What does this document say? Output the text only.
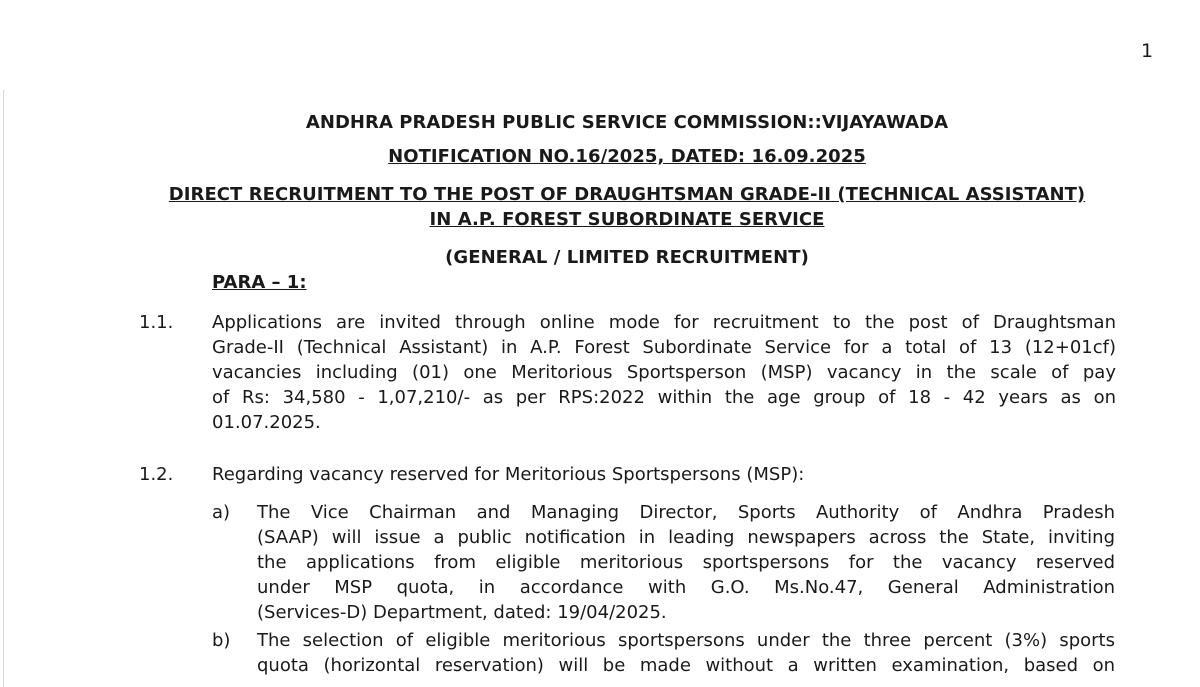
1
ANDHRA PRADESH PUBLIC SERVICE COMMISSION::VIJAYAWADA
NOTIFICATION NO.16/2025, DATED: 16.09.2025
DIRECT RECRUITMENT TO THE POST OF DRAUGHTSMAN GRADE-II (TECHNICAL ASSISTANT)
IN A.P. FOREST SUBORDINATE SERVICE
(GENERAL / LIMITED RECRUITMENT)
PARA – 1:
1.1. Applications are invited through online mode for recruitment to the post of Draughtsman
Grade-II (Technical Assistant) in A.P. Forest Subordinate Service for a total of 13 (12+01cf)
vacancies including (01) one Meritorious Sportsperson (MSP) vacancy in the scale of pay
of Rs: 34,580 - 1,07,210/- as per RPS:2022 within the age group of 18 - 42 years as on
01.07.2025.
1.2. Regarding vacancy reserved for Meritorious Sportspersons (MSP):
a) The Vice Chairman and Managing Director, Sports Authority of Andhra Pradesh
(SAAP) will issue a public notification in leading newspapers across the State, inviting
the applications from eligible meritorious sportspersons for the vacancy reserved
under MSP quota, in accordance with G.O. Ms.No.47, General Administration
(Services-D) Department, dated: 19/04/2025.
b) The selection of eligible meritorious sportspersons under the three percent (3%) sports
quota (horizontal reservation) will be made without a written examination, based on
